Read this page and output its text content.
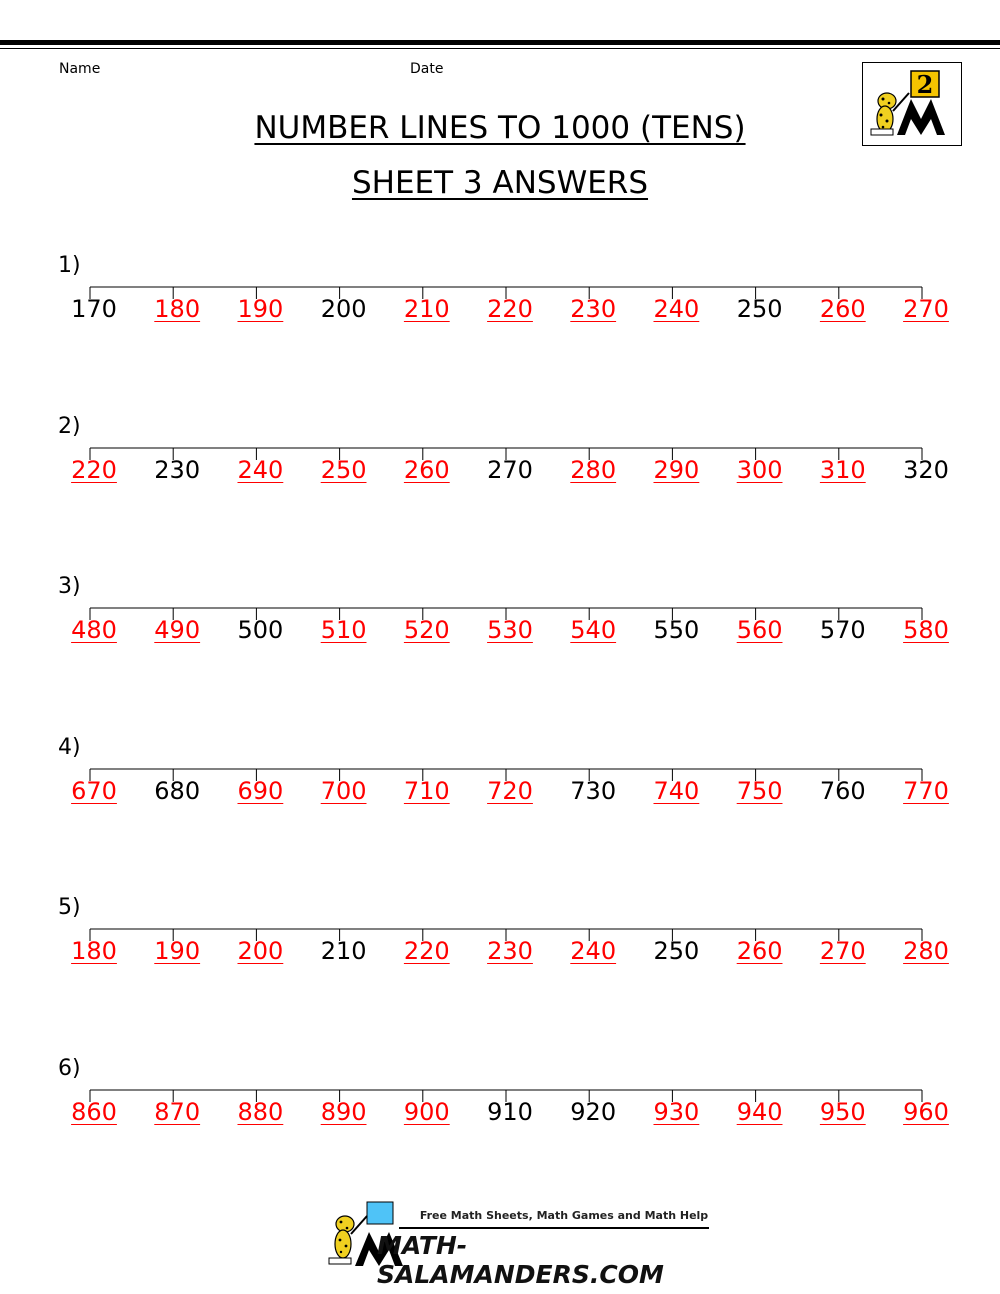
Name	Date
NUMBER LINES TO 1000 (TENS)
SHEET 3 ANSWERS
2
1)
170	180	190	200	210	220	230	240	250	260	270
2)
220	230	240	250	260	270	280	290	300	310	320
3)
480	490	500	510	520	530	540	550	560	570	580
4)
670	680	690	700	710	720	730	740	750	760	770
5)
180	190	200	210	220	230	240	250	260	270	280
6)
860	870	880	890	900	910	920	930	940	950	960
Free Math Sheets, Math Games and Math Help
MATH-SALAMANDERS.COM
